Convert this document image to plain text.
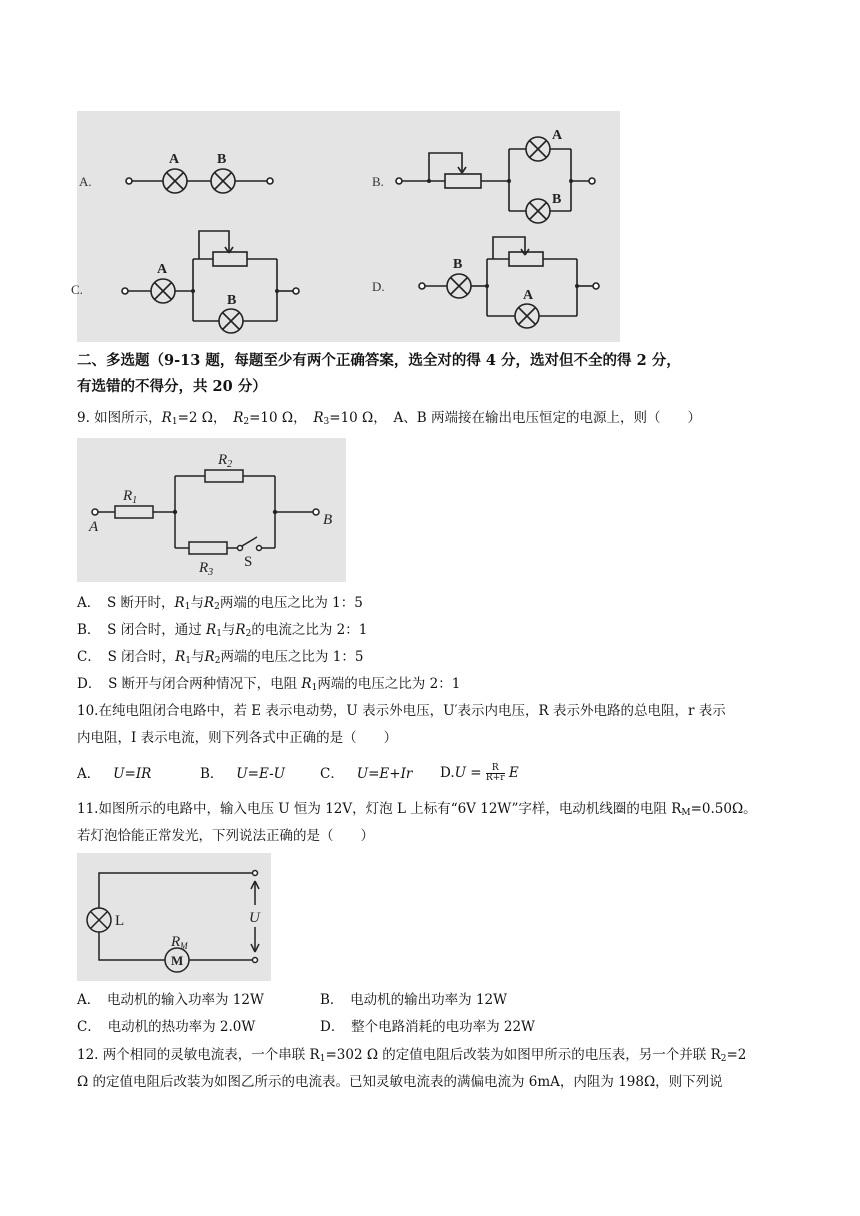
A.	B.
C.	D.
A	B
A
B
A
B
B
A
二、多选题（9-13 题，每题至少有两个正确答案，选全对的得 4 分，选对但不全的得 2 分，
有选错的不得分，共 20 分）
9. 如图所示，$R_1=2$ Ω，　 $R_2=10$ Ω，　 $R_3=10$ Ω，　 A、B 两端接在输出电压恒定的电源上，则（　　）
$R_1$
$R_2$
$R_3$
A	B
S
A．　S 断开时，$R_1$与$R_2$两端的电压之比为 1：5
B．　S 闭合时，通过 $R_1$与$R_2$的电流之比为 2：1
C．　S 闭合时，$R_1$与$R_2$两端的电压之比为 1：5
D．　S 断开与闭合两种情况下，电阻 $R_1$两端的电压之比为 2：1
10.在纯电阻闭合电路中，若 E 表示电动势，U 表示外电压，U′表示内电压，R 表示外电路的总电阻，r 表示
内电阻，I 表示电流，则下列各式中正确的是（　　）
A． U=IR	B． U=E-U	C． U=E+Ir $D.U = \frac{R}{R+r}$ E
11.如图所示的电路中，输入电压 U 恒为 12V，灯泡 L 上标有“6V 12W”字样，电动机线圈的电阻 $R_M=0.50\Omega$。
若灯泡恰能正常发光，下列说法正确的是（　　）
L	U
$R_M$
M
A．　电动机的输入功率为 12W	B．　电动机的输出功率为 12W
C．　电动机的热功率为 2.0W	D．　整个电路消耗的电功率为 22W
12. 两个相同的灵敏电流表，一个串联 $R_1=302$ Ω 的定值电阻后改装为如图甲所示的电压表，另一个并联 $R_2=2$
Ω 的定值电阻后改装为如图乙所示的电流表。已知灵敏电流表的满偏电流为 6mA，内阻为 198Ω，则下列说
